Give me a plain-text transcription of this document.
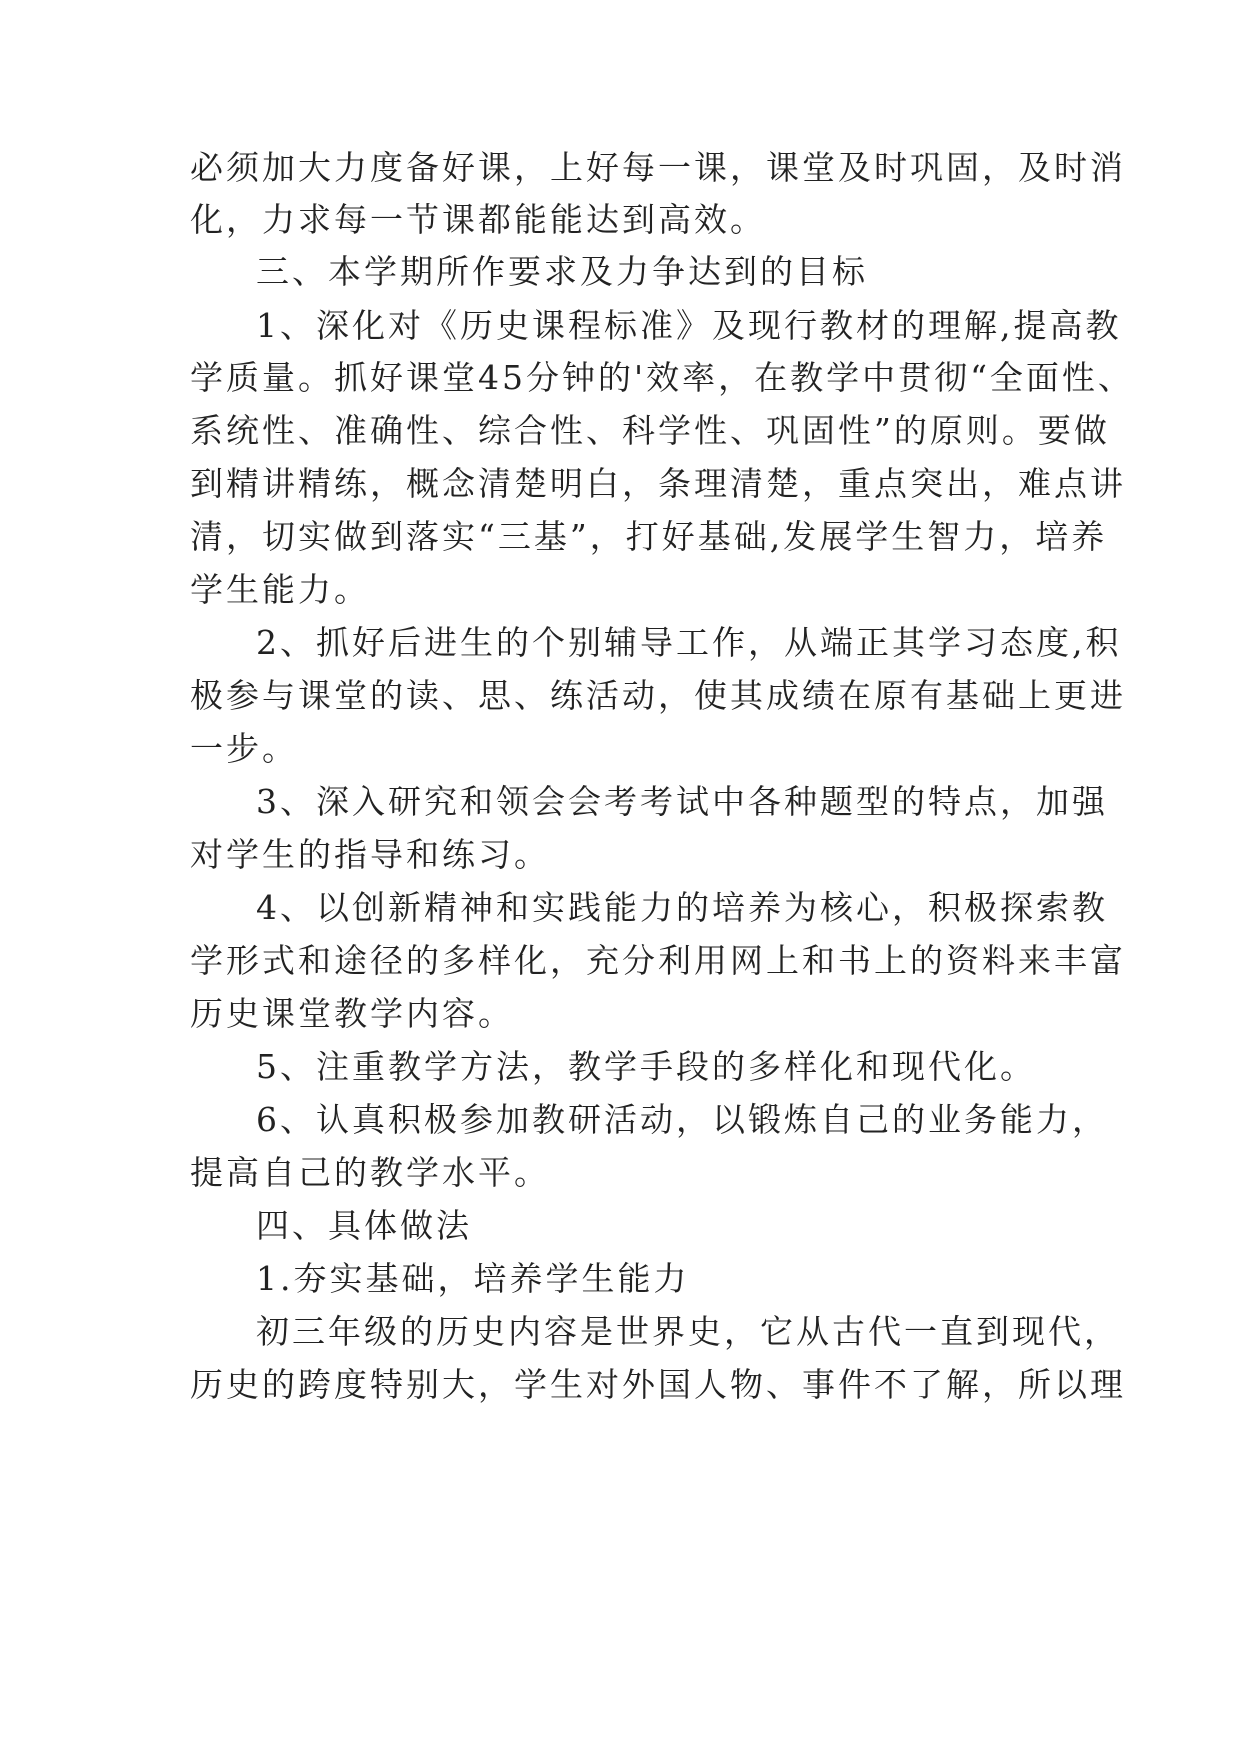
必须加大力度备好课，上好每一课，课堂及时巩固，及时消
化，力求每一节课都能能达到高效。
三、本学期所作要求及力争达到的目标
1、深化对《历史课程标准》及现行教材的理解,提高教
学质量。抓好课堂45分钟的'效率，在教学中贯彻“全面性、
系统性、准确性、综合性、科学性、巩固性”的原则。要做
到精讲精练，概念清楚明白，条理清楚，重点突出，难点讲
清，切实做到落实“三基”，打好基础,发展学生智力，培养
学生能力。
2、抓好后进生的个别辅导工作，从端正其学习态度,积
极参与课堂的读、思、练活动，使其成绩在原有基础上更进
一步。
3、深入研究和领会会考考试中各种题型的特点，加强
对学生的指导和练习。
4、以创新精神和实践能力的培养为核心，积极探索教
学形式和途径的多样化，充分利用网上和书上的资料来丰富
历史课堂教学内容。
5、注重教学方法，教学手段的多样化和现代化。
6、认真积极参加教研活动，以锻炼自己的业务能力，
提高自己的教学水平。
四、具体做法
1.夯实基础，培养学生能力
初三年级的历史内容是世界史，它从古代一直到现代，
历史的跨度特别大，学生对外国人物、事件不了解，所以理
